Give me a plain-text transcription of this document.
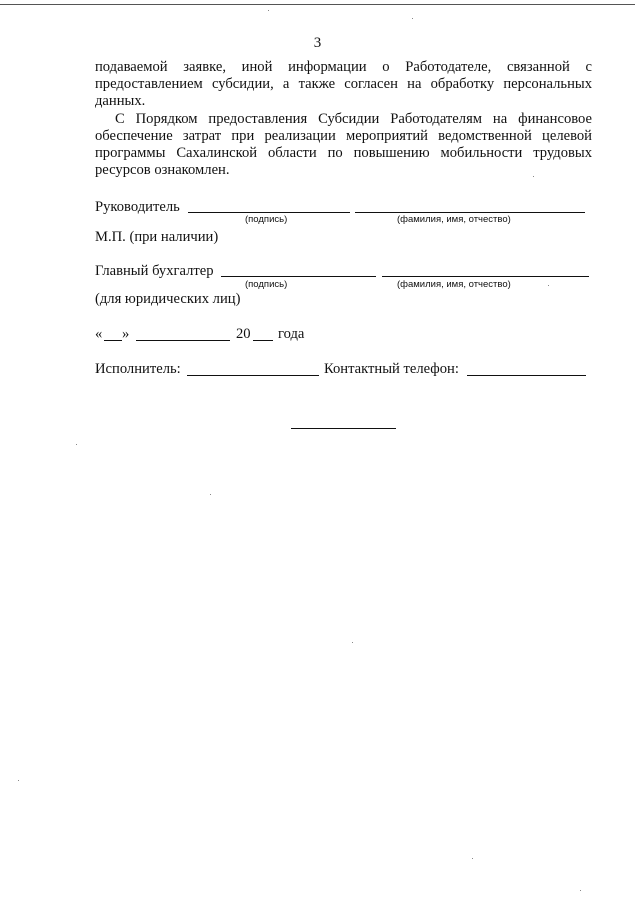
3
подаваемой заявке, иной информации о Работодателе, связанной с предоставлением субсидии, а также согласен на обработку персональных данных.
С Порядком предоставления Субсидии Работодателям на финансовое обеспечение затрат при реализации мероприятий ведомственной целевой программы Сахалинской области по повышению мобильности трудовых ресурсов ознакомлен.
Руководитель
(подпись)	(фамилия, имя, отчество)
М.П. (при наличии)
Главный бухгалтер
(подпись)	(фамилия, имя, отчество)
(для юридических лиц)
« »	20 года
Исполнитель:	Контактный телефон:
